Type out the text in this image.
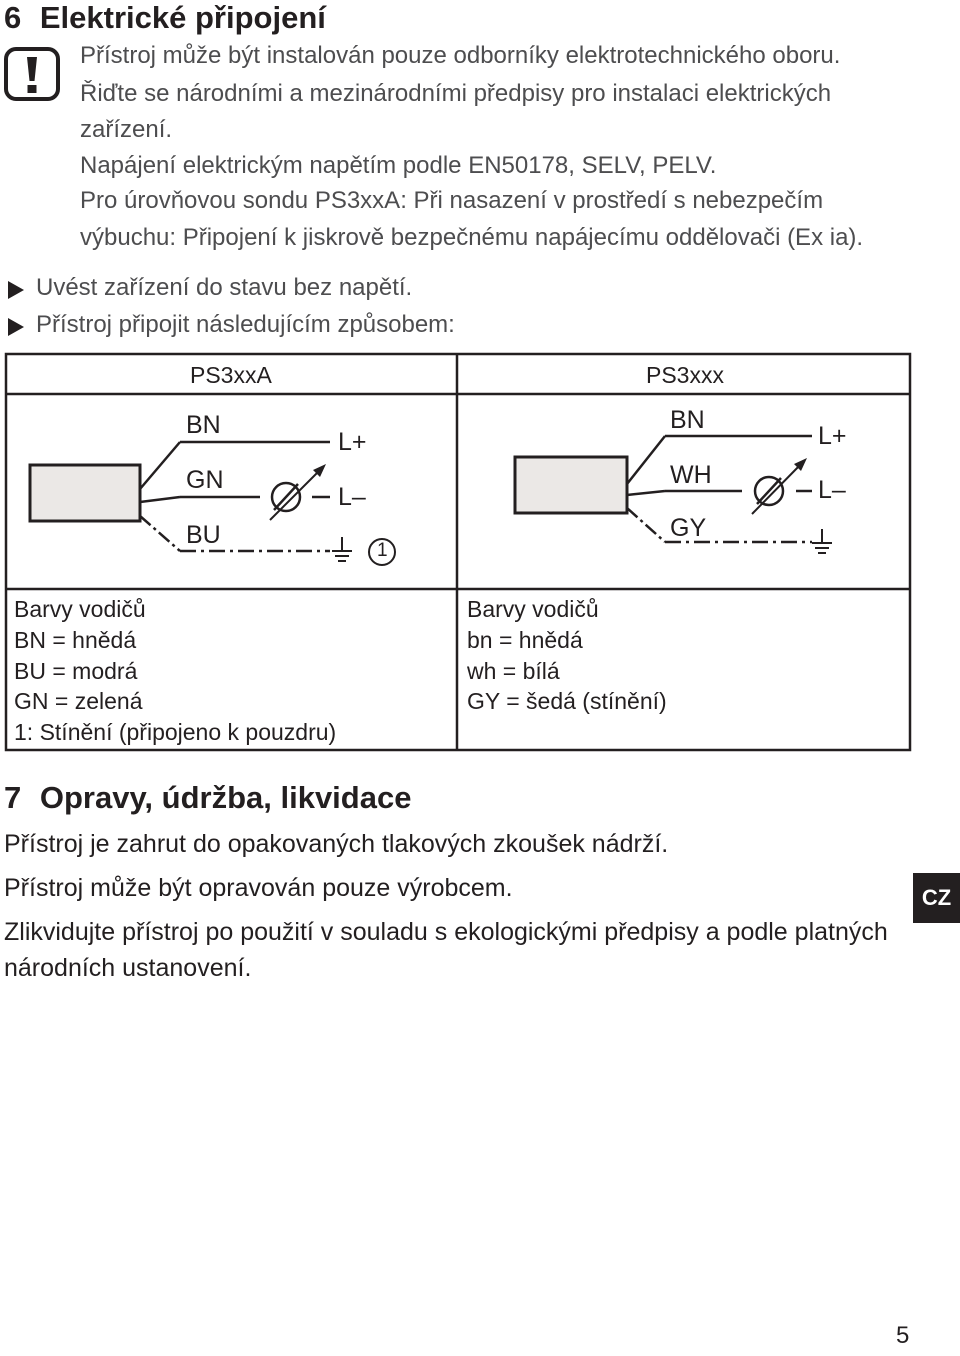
6 Elektrické připojení
Přístroj může být instalován pouze odborníky elektrotechnického oboru.
Řiďte se národními a mezinárodními předpisy pro instalaci elektrických
zařízení.
Napájení elektrickým napětím podle EN50178, SELV, PELV.
Pro úrovňovou sondu PS3xxA: Při nasazení v prostředí s nebezpečím
výbuchu: Připojení k jiskrově bezpečnému napájecímu oddělovači (Ex ia).
Uvést zařízení do stavu bez napětí.
Přístroj připojit následujícím způsobem:
PS3xxA	PS3xxx
BN
GN
BU
L+
L–
1
BN
WH
GY
L+
L–
Barvy vodičů
BN = hnědá
BU = modrá
GN = zelená
1: Stínění (připojeno k pouzdru)
Barvy vodičů
bn = hnědá
wh = bílá
GY = šedá (stínění)
7 Opravy, údržba, likvidace
Přístroj je zahrut do opakovaných tlakových zkoušek nádrží.
Přístroj může být opravován pouze výrobcem.
Zlikvidujte přístroj po použití v souladu s ekologickými předpisy a podle platných
národních ustanovení.
CZ
5
